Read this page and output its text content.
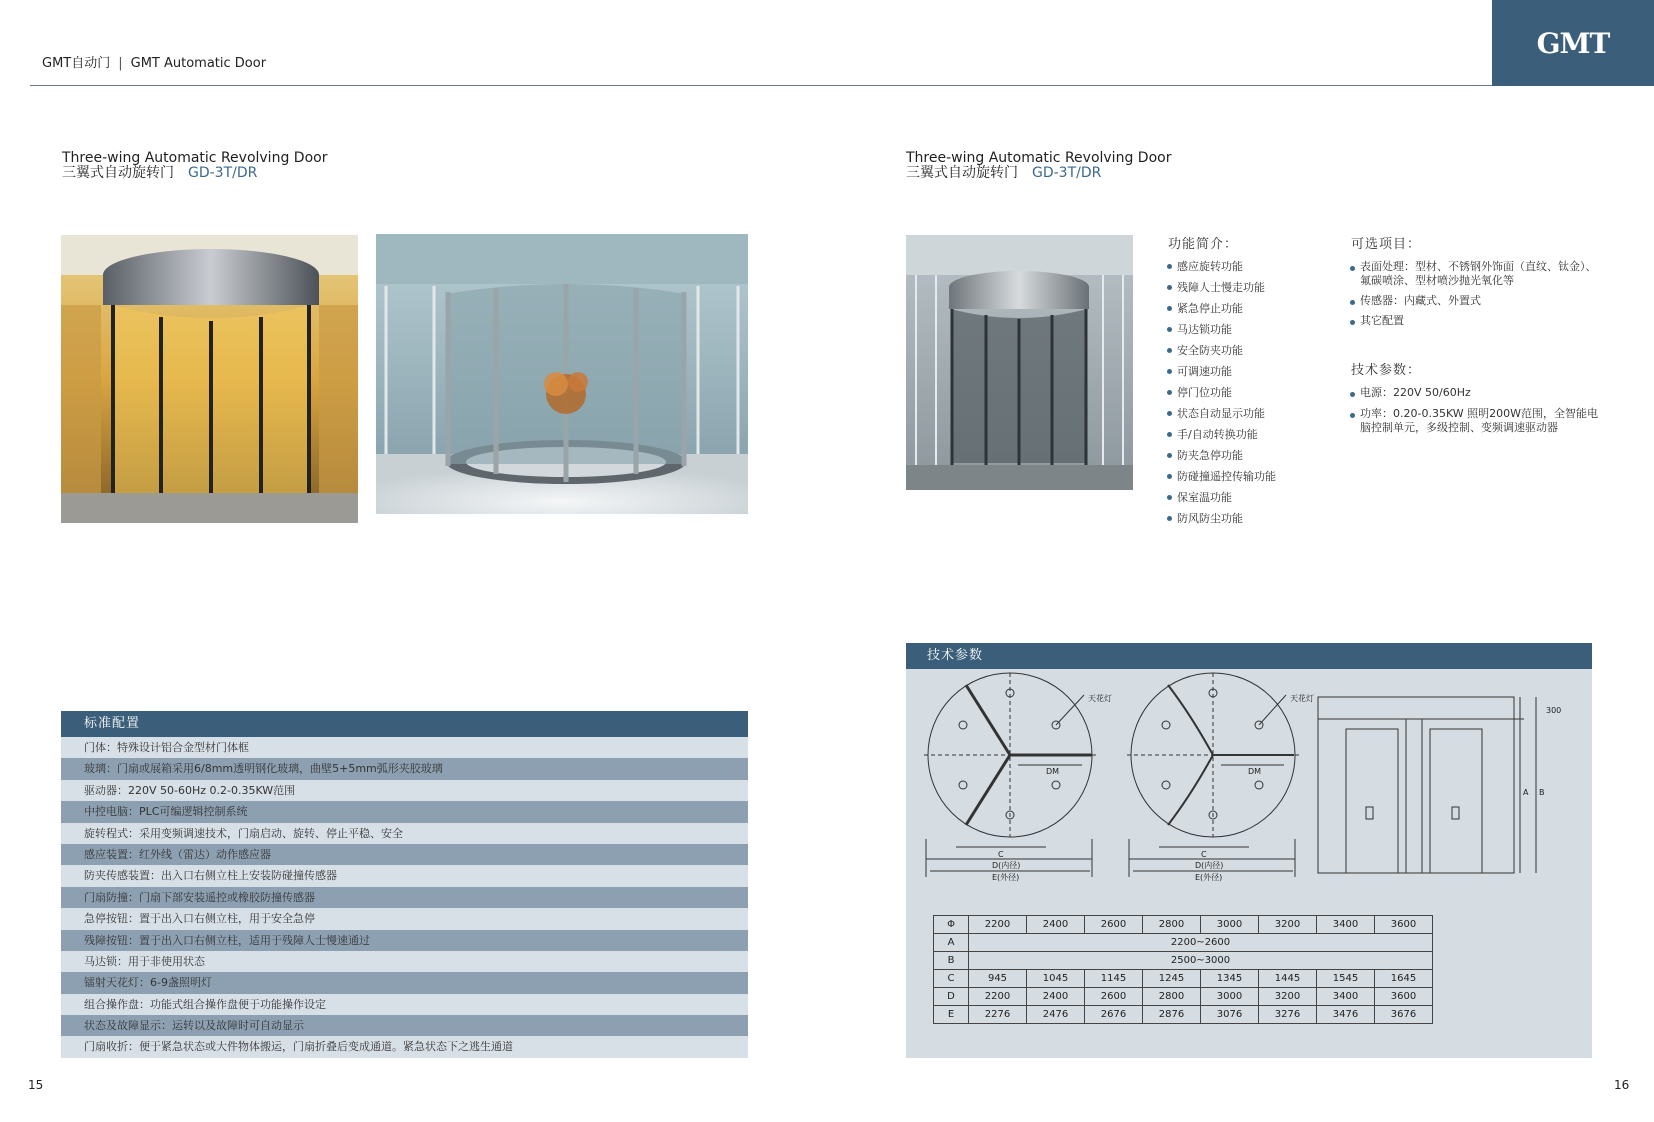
GMT自动门 | GMT Automatic Door
GMT
Three-wing Automatic Revolving Door
三翼式自动旋转门 GD-3T/DR
标准配置
门体：特殊设计铝合金型材门体框
玻璃：门扇或展箱采用6/8mm透明钢化玻璃，曲壁5+5mm弧形夹胶玻璃
驱动器：220V 50-60Hz 0.2-0.35KW范围
中控电脑：PLC可编逻辑控制系统
旋转程式：采用变频调速技术，门扇启动、旋转、停止平稳、安全
感应装置：红外线（雷达）动作感应器
防夹传感装置：出入口右侧立柱上安装防碰撞传感器
门扇防撞：门扇下部安装遥控或橡胶防撞传感器
急停按钮：置于出入口右侧立柱，用于安全急停
残障按钮：置于出入口右侧立柱，适用于残障人士慢速通过
马达锁：用于非使用状态
镭射天花灯：6-9盏照明灯
组合操作盘：功能式组合操作盘便于功能操作设定
状态及故障显示：运转以及故障时可自动显示
门扇收折：便于紧急状态或大件物体搬运，门扇折叠后变成通道。紧急状态下之逃生通道
15
Three-wing Automatic Revolving Door
三翼式自动旋转门 GD-3T/DR
功能简介：
感应旋转功能
残障人士慢走功能
紧急停止功能
马达锁功能
安全防夹功能
可调速功能
停门位功能
状态自动显示功能
手/自动转换功能
防夹急停功能
防碰撞遥控传输功能
保室温功能
防风防尘功能
可选项目：
表面处理：型材、不锈钢外饰面（直纹、钛金）、氟碳喷涂、型材喷沙抛光氧化等
传感器：内藏式、外置式
其它配置
技术参数：
电源：220V 50/60Hz
功率：0.20-0.35KW 照明200W范围，全智能电脑控制单元，多级控制、变频调速驱动器
技术参数
天花灯	天花灯
DM	DM
C	C
D(内径)	D(内径)
E(外径)	E(外径)
300
A B
Φ	2200	2400	2600	2800	3000	3200	3400	3600
A	2200~2600							
B	2500~3000							
C	945	1045	1145	1245	1345	1445	1545	1645
D	2200	2400	2600	2800	3000	3200	3400	3600
E	2276	2476	2676	2876	3076	3276	3476	3676
16
